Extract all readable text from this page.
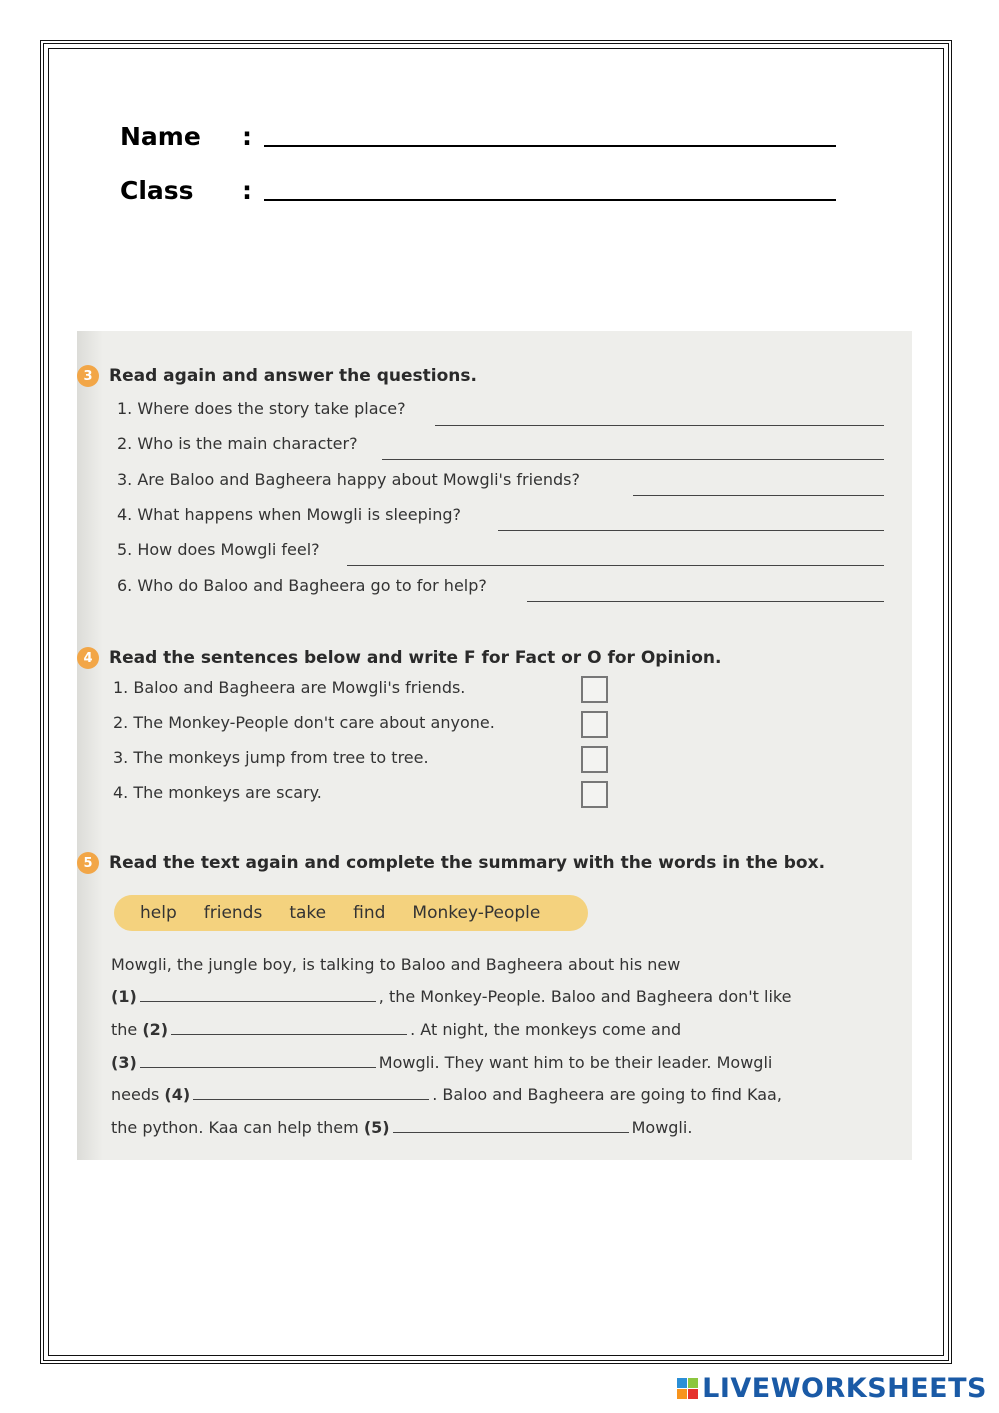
Name	:
Class	:
3 Read again and answer the questions.
1. Where does the story take place?
2. Who is the main character?
3. Are Baloo and Bagheera happy about Mowgli's friends?
4. What happens when Mowgli is sleeping?
5. How does Mowgli feel?
6. Who do Baloo and Bagheera go to for help?
4 Read the sentences below and write F for Fact or O for Opinion.
1. Baloo and Bagheera are Mowgli's friends.
2. The Monkey-People don't care about anyone.
3. The monkeys jump from tree to tree.
4. The monkeys are scary.
5 Read the text again and complete the summary with the words in the box.
help friends take find Monkey-People
Mowgli, the jungle boy, is talking to Baloo and Bagheera about his new
(1)	, the Monkey-People. Baloo and Bagheera don't like
the
(2)	. At night, the monkeys come and
(3)	Mowgli. They want him to be their leader. Mowgli
needs
(4)	. Baloo and Bagheera are going to find Kaa,
the python. Kaa can help them
(5)	Mowgli.
LIVEWORKSHEETS
